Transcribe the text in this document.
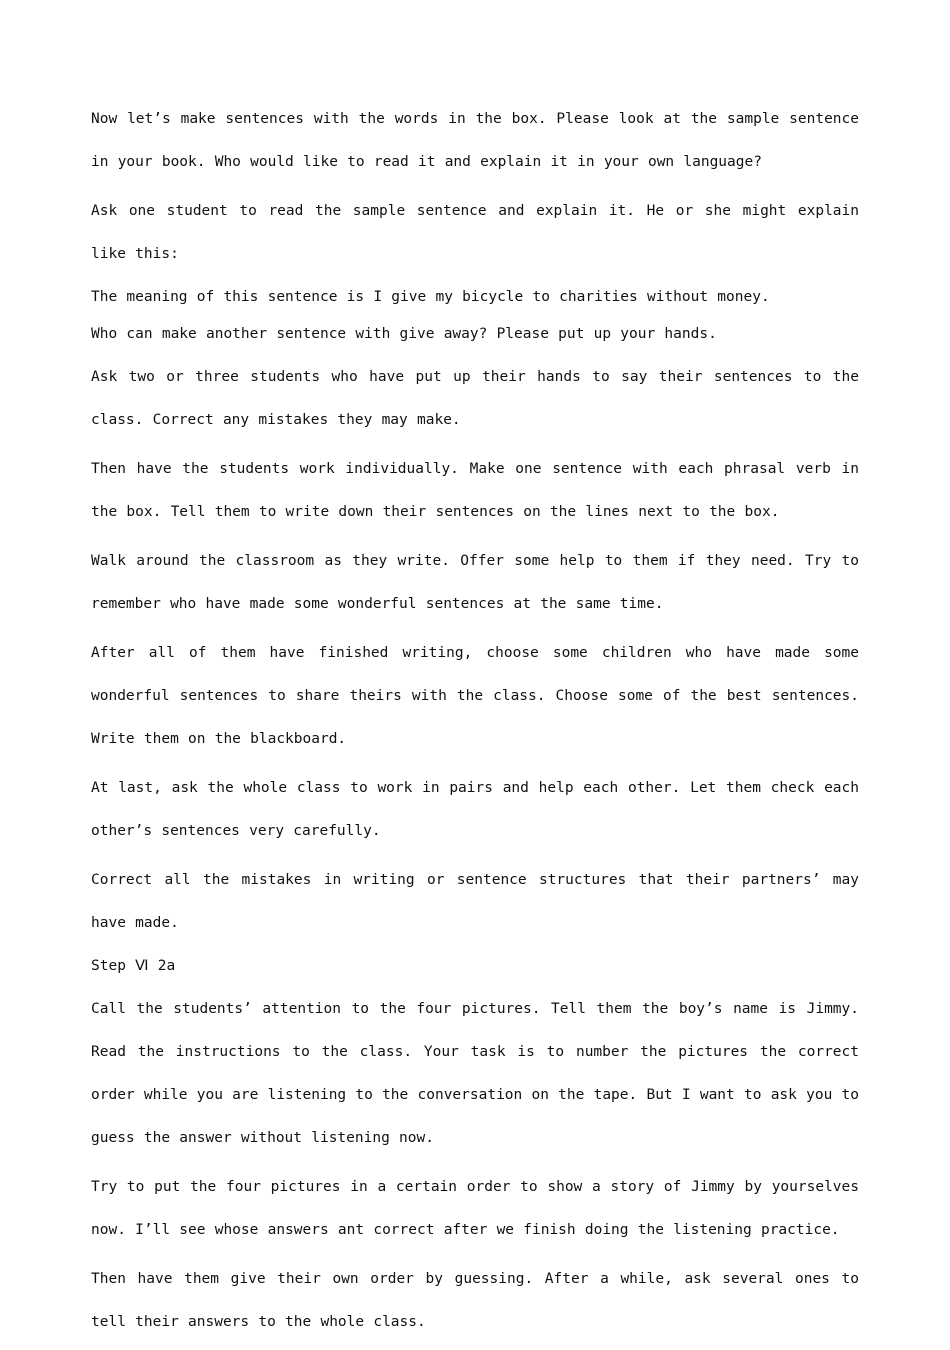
Now let’s make sentences with the words in the box. Please look at the sample sentence in your book. Who would like to read it and explain it in your own language?

Ask one student to read the sample sentence and explain it. He or she might explain like this:

The meaning of this sentence is I give my bicycle to charities without money.

Who can make another sentence with give away? Please put up your hands.

Ask two or three students who have put up their hands to say their sentences to the class. Correct any mistakes they may make.

Then have the students work individually. Make one sentence with each phrasal verb in the box. Tell them to write down their sentences on the lines next to the box.

Walk around the classroom as they write. Offer some help to them if they need. Try to remember who have made some wonderful sentences at the same time.

After all of them have finished writing, choose some children who have made some wonderful sentences to share theirs with the class. Choose some of the best sentences. Write them on the blackboard.

At last, ask the whole class to work in pairs and help each other. Let them check each other’s sentences very carefully.

Correct all the mistakes in writing or sentence structures that their partners’ may have made.

Step Ⅵ 2a

Call the students’ attention to the four pictures. Tell them the boy’s name is Jimmy. Read the instructions to the class. Your task is to number the pictures the correct order while you are listening to the conversation on the tape. But I want to ask you to guess the answer without listening now.

Try to put the four pictures in a certain order to show a story of Jimmy by yourselves now. I’ll see whose answers ant correct after we finish doing the listening practice.

Then have them give their own order by guessing. After a while, ask several ones to tell their answers to the whole class.
